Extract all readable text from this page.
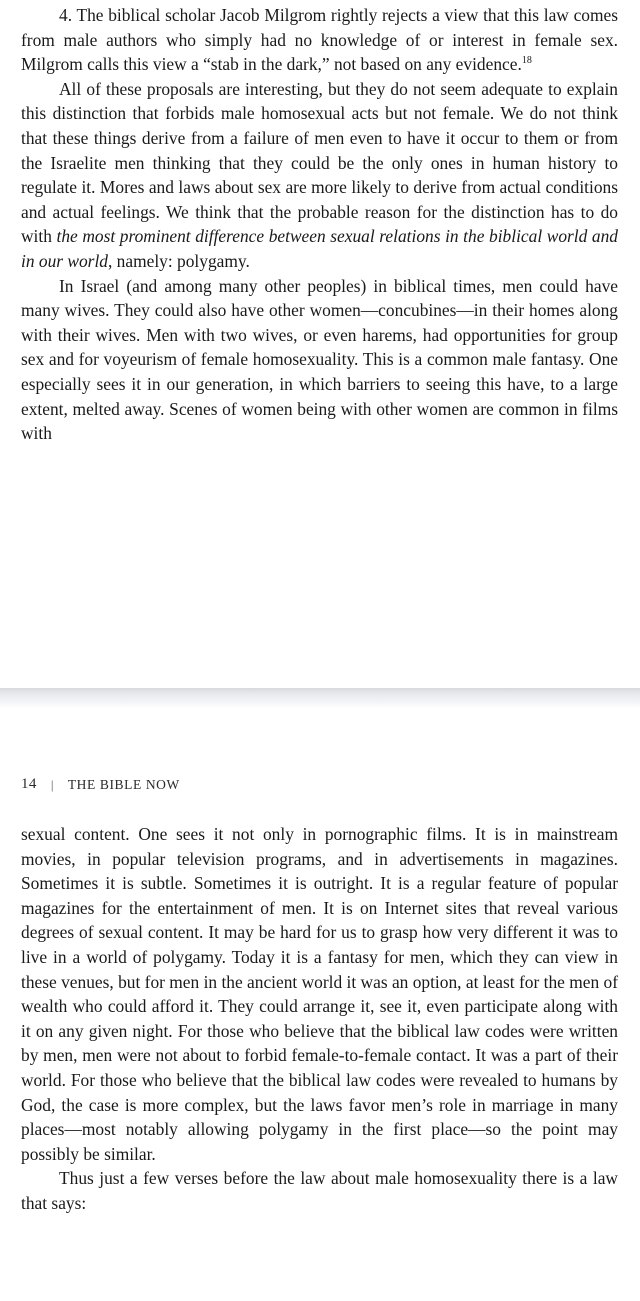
4. The biblical scholar Jacob Milgrom rightly rejects a view that this law comes from male authors who simply had no knowledge of or interest in female sex. Milgrom calls this view a “stab in the dark,” not based on any evidence.$^{18}$

All of these proposals are interesting, but they do not seem adequate to explain this distinction that forbids male homosexual acts but not female. We do not think that these things derive from a failure of men even to have it occur to them or from the Israelite men thinking that they could be the only ones in human history to regulate it. Mores and laws about sex are more likely to derive from actual conditions and actual feelings. We think that the probable reason for the distinction has to do with the most prominent difference between sexual relations in the biblical world and in our world, namely: polygamy.

In Israel (and among many other peoples) in biblical times, men could have many wives. They could also have other women—concubines—in their homes along with their wives. Men with two wives, or even harems, had opportunities for group sex and for voyeurism of female homosexuality. This is a common male fantasy. One especially sees it in our generation, in which barriers to seeing this have, to a large extent, melted away. Scenes of women being with other women are common in films with

14 | THE BIBLE NOW

sexual content. One sees it not only in pornographic films. It is in mainstream movies, in popular television programs, and in advertisements in magazines. Sometimes it is subtle. Sometimes it is outright. It is a regular feature of popular magazines for the entertainment of men. It is on Internet sites that reveal various degrees of sexual content. It may be hard for us to grasp how very different it was to live in a world of polygamy. Today it is a fantasy for men, which they can view in these venues, but for men in the ancient world it was an option, at least for the men of wealth who could afford it. They could arrange it, see it, even participate along with it on any given night. For those who believe that the biblical law codes were written by men, men were not about to forbid female-to-female contact. It was a part of their world. For those who believe that the biblical law codes were revealed to humans by God, the case is more complex, but the laws favor men’s role in marriage in many places—most notably allowing polygamy in the first place—so the point may possibly be similar.

Thus just a few verses before the law about male homosexuality there is a law that says:
